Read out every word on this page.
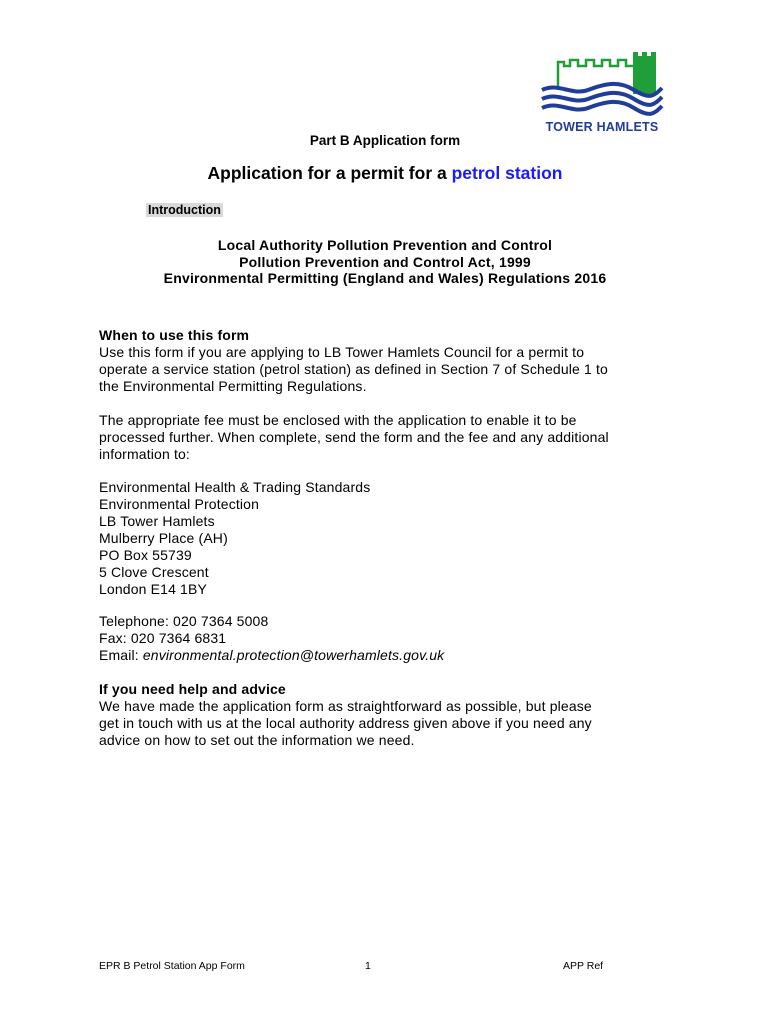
TOWER HAMLETS
Part B Application form
Application for a permit for a petrol station
Introduction
Local Authority Pollution Prevention and Control
Pollution Prevention and Control Act, 1999
Environmental Permitting (England and Wales) Regulations 2016
When to use this form
Use this form if you are applying to LB Tower Hamlets Council for a permit to
operate a service station (petrol station) as defined in Section 7 of Schedule 1 to
the Environmental Permitting Regulations.
The appropriate fee must be enclosed with the application to enable it to be
processed further. When complete, send the form and the fee and any additional
information to:
Environmental Health & Trading Standards
Environmental Protection
LB Tower Hamlets
Mulberry Place (AH)
PO Box 55739
5 Clove Crescent
London E14 1BY
Telephone: 020 7364 5008
Fax: 020 7364 6831
Email: environmental.protection@towerhamlets.gov.uk
If you need help and advice
We have made the application form as straightforward as possible, but please
get in touch with us at the local authority address given above if you need any
advice on how to set out the information we need.
EPR B Petrol Station App Form	1	APP Ref
